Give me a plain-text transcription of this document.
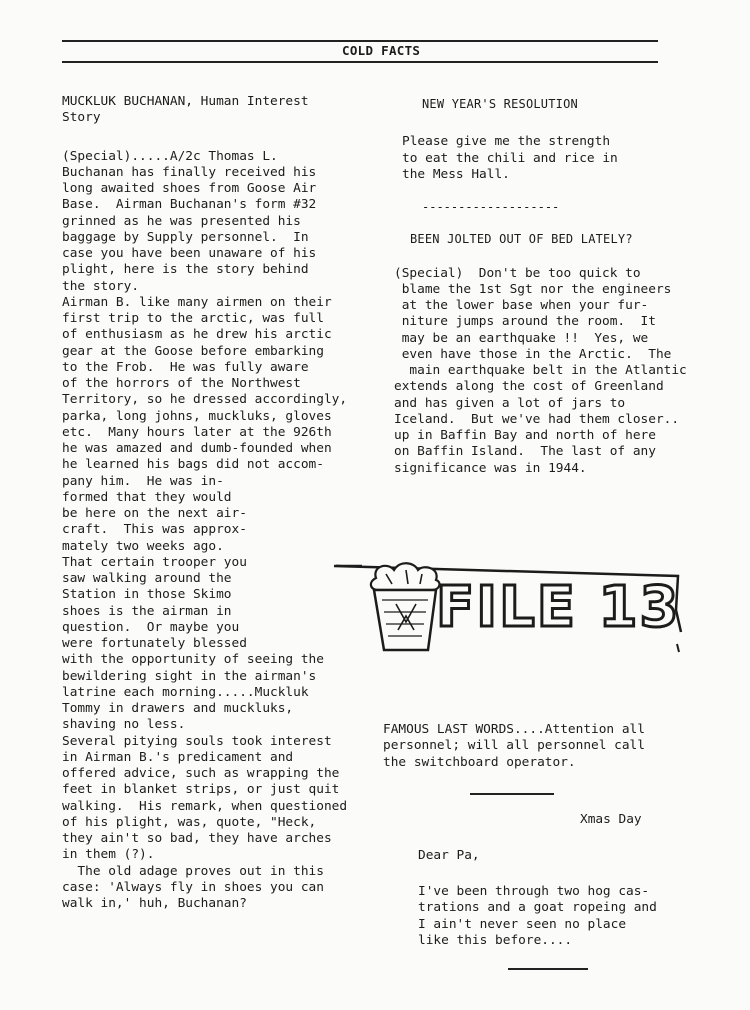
COLD FACTS
MUCKLUK BUCHANAN, Human Interest
Story
(Special).....A/2c Thomas L.
Buchanan has finally received his
long awaited shoes from Goose Air
Base.  Airman Buchanan's form #32
grinned as he was presented his
baggage by Supply personnel.  In
case you have been unaware of his
plight, here is the story behind
the story.
Airman B. like many airmen on their
first trip to the arctic, was full
of enthusiasm as he drew his arctic
gear at the Goose before embarking
to the Frob.  He was fully aware
of the horrors of the Northwest
Territory, so he dressed accordingly,
parka, long johns, muckluks, gloves
etc.  Many hours later at the 926th
he was amazed and dumb-founded when
he learned his bags did not accom-
pany him.  He was in-
formed that they would
be here on the next air-
craft.  This was approx-
mately two weeks ago.
That certain trooper you
saw walking around the
Station in those Skimo
shoes is the airman in
question.  Or maybe you
were fortunately blessed
with the opportunity of seeing the
bewildering sight in the airman's
latrine each morning.....Muckluk
Tommy in drawers and muckluks,
shaving no less.
Several pitying souls took interest
in Airman B.'s predicament and
offered advice, such as wrapping the
feet in blanket strips, or just quit
walking.  His remark, when questioned
of his plight, was, quote, "Heck,
they ain't so bad, they have arches
in them (?).
The old adage proves out in this
case: 'Always fly in shoes you can
walk in,' huh, Buchanan?
NEW YEAR'S RESOLUTION
Please give me the strength
to eat the chili and rice in
the Mess Hall.
-------------------
BEEN JOLTED OUT OF BED LATELY?
(Special)  Don't be too quick to
blame the 1st Sgt nor the engineers
at the lower base when your fur-
niture jumps around the room.  It
may be an earthquake !!  Yes, we
even have those in the Arctic.  The
main earthquake belt in the Atlantic
extends along the cost of Greenland
and has given a lot of jars to
Iceland.  But we've had them closer..
up in Baffin Bay and north of here
on Baffin Island.  The last of any
significance was in 1944.
FILE 13
FAMOUS LAST WORDS....Attention all
personnel; will all personnel call
the switchboard operator.
Xmas Day
Dear Pa,
I've been through two hog cas-
trations and a goat ropeing and
I ain't never seen no place
like this before....
